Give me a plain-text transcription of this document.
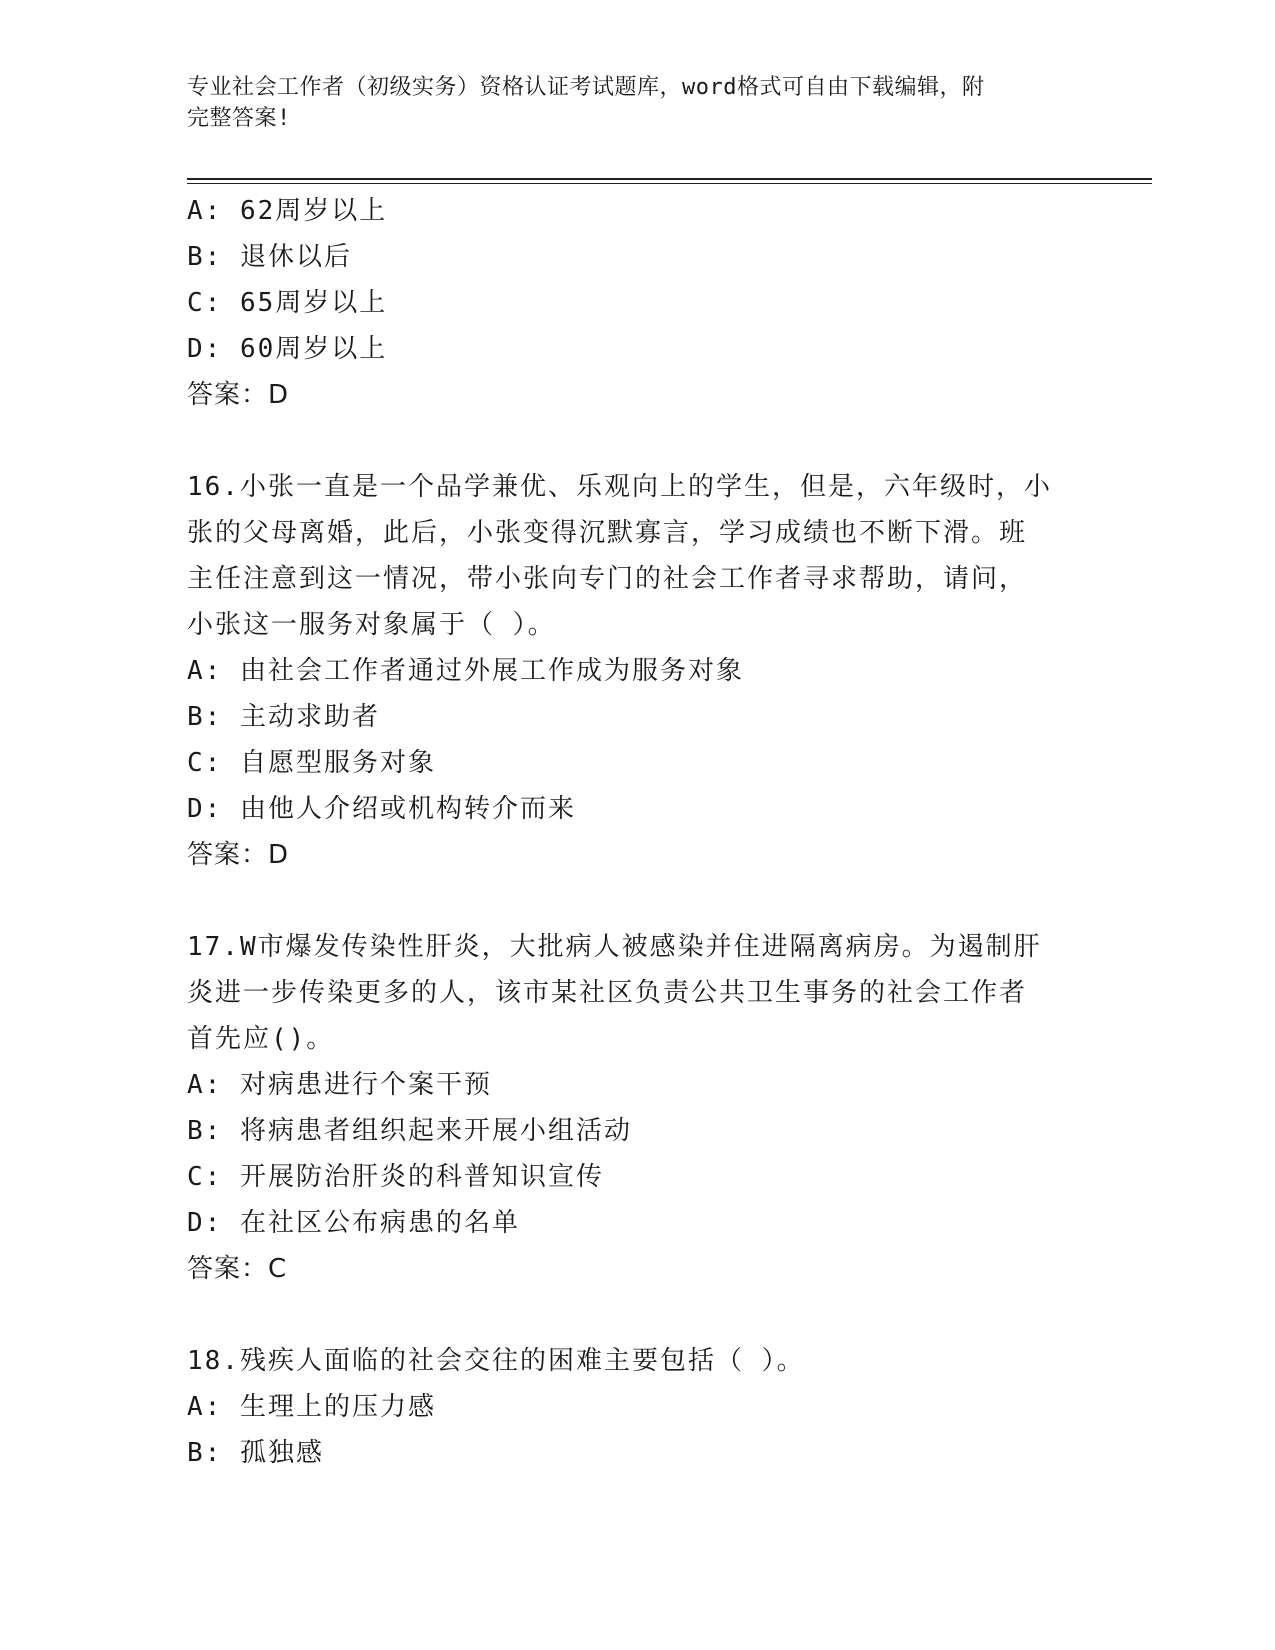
专业社会工作者（初级实务）资格认证考试题库，word格式可自由下载编辑，附
完整答案!
A: 62周岁以上
B: 退休以后
C: 65周岁以上
D: 60周岁以上
答案：D
16.小张一直是一个品学兼优、乐观向上的学生，但是，六年级时，小
张的父母离婚，此后，小张变得沉默寡言，学习成绩也不断下滑。班
主任注意到这一情况，带小张向专门的社会工作者寻求帮助，请问，
小张这一服务对象属于（ ）。
A: 由社会工作者通过外展工作成为服务对象
B: 主动求助者
C: 自愿型服务对象
D: 由他人介绍或机构转介而来
答案：D
17.W市爆发传染性肝炎，大批病人被感染并住进隔离病房。为遏制肝
炎进一步传染更多的人，该市某社区负责公共卫生事务的社会工作者
首先应()。
A: 对病患进行个案干预
B: 将病患者组织起来开展小组活动
C: 开展防治肝炎的科普知识宣传
D: 在社区公布病患的名单
答案：C
18.残疾人面临的社会交往的困难主要包括（ ）。
A: 生理上的压力感
B: 孤独感
